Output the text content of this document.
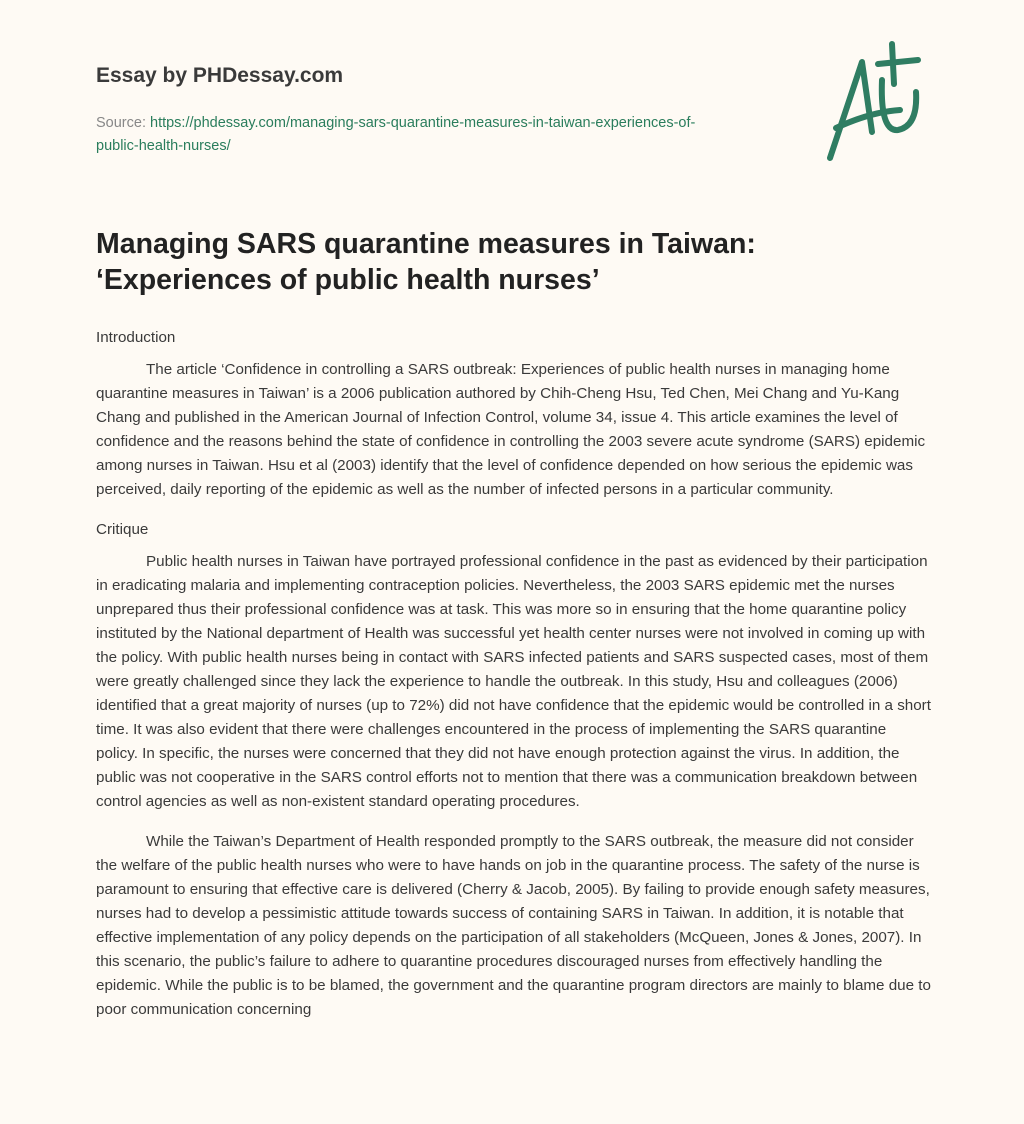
Essay by PHDessay.com
Source: https://phdessay.com/managing-sars-quarantine-measures-in-taiwan-experiences-of-public-health-nurses/
Managing SARS quarantine measures in Taiwan: ‘Experiences of public health nurses’

Introduction

The article ‘Confidence in controlling a SARS outbreak: Experiences of public health nurses in managing home quarantine measures in Taiwan’ is a 2006 publication authored by Chih-Cheng Hsu, Ted Chen, Mei Chang and Yu-Kang Chang and published in the American Journal of Infection Control, volume 34, issue 4. This article examines the level of confidence and the reasons behind the state of confidence in controlling the 2003 severe acute syndrome (SARS) epidemic among nurses in Taiwan. Hsu et al (2003) identify that the level of confidence depended on how serious the epidemic was perceived, daily reporting of the epidemic as well as the number of infected persons in a particular community.

Critique

Public health nurses in Taiwan have portrayed professional confidence in the past as evidenced by their participation in eradicating malaria and implementing contraception policies. Nevertheless, the 2003 SARS epidemic met the nurses unprepared thus their professional confidence was at task. This was more so in ensuring that the home quarantine policy instituted by the National department of Health was successful yet health center nurses were not involved in coming up with the policy. With public health nurses being in contact with SARS infected patients and SARS suspected cases, most of them were greatly challenged since they lack the experience to handle the outbreak. In this study, Hsu and colleagues (2006) identified that a great majority of nurses (up to 72%) did not have confidence that the epidemic would be controlled in a short time. It was also evident that there were challenges encountered in the process of implementing the SARS quarantine policy. In specific, the nurses were concerned that they did not have enough protection against the virus. In addition, the public was not cooperative in the SARS control efforts not to mention that there was a communication breakdown between control agencies as well as non-existent standard operating procedures.

While the Taiwan’s Department of Health responded promptly to the SARS outbreak, the measure did not consider the welfare of the public health nurses who were to have hands on job in the quarantine process. The safety of the nurse is paramount to ensuring that effective care is delivered (Cherry & Jacob, 2005). By failing to provide enough safety measures, nurses had to develop a pessimistic attitude towards success of containing SARS in Taiwan. In addition, it is notable that effective implementation of any policy depends on the participation of all stakeholders (McQueen, Jones & Jones, 2007). In this scenario, the public’s failure to adhere to quarantine procedures discouraged nurses from effectively handling the epidemic. While the public is to be blamed, the government and the quarantine program directors are mainly to blame due to poor communication concerning
